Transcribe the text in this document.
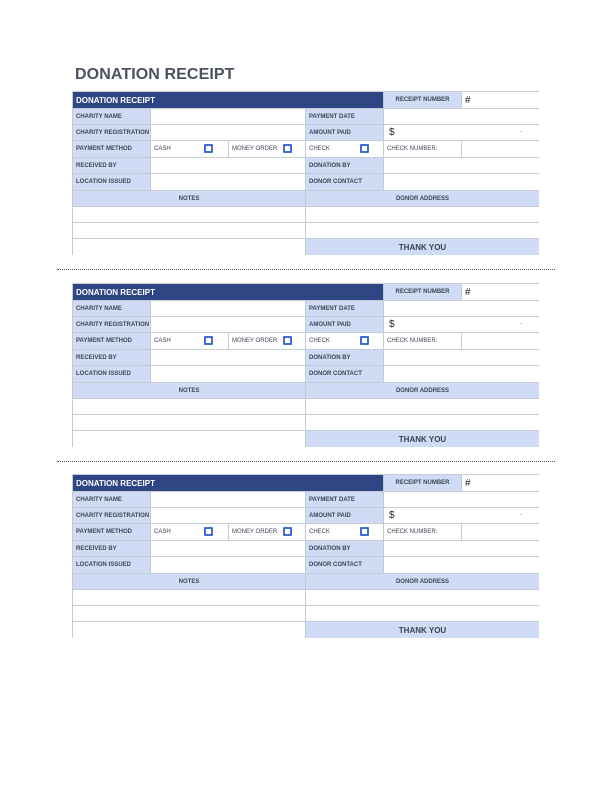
DONATION RECEIPT
DONATION RECEIPT	RECEIPT NUMBER	#
CHARITY NAME	PAYMENT DATE
CHARITY REGISTRATION	AMOUNT PAID	$	-
PAYMENT METHOD	CASH	MONEY ORDER	CHECK	CHECK NUMBER:
RECEIVED BY	DONATION BY
LOCATION ISSUED	DONOR CONTACT
NOTES	DONOR ADDRESS
THANK YOU
DONATION RECEIPT	RECEIPT NUMBER	#
CHARITY NAME	PAYMENT DATE
CHARITY REGISTRATION	AMOUNT PAID	$	-
PAYMENT METHOD	CASH	MONEY ORDER	CHECK	CHECK NUMBER:
RECEIVED BY	DONATION BY
LOCATION ISSUED	DONOR CONTACT
NOTES	DONOR ADDRESS
THANK YOU
DONATION RECEIPT	RECEIPT NUMBER	#
CHARITY NAME	PAYMENT DATE
CHARITY REGISTRATION	AMOUNT PAID	$	-
PAYMENT METHOD	CASH	MONEY ORDER	CHECK	CHECK NUMBER:
RECEIVED BY	DONATION BY
LOCATION ISSUED	DONOR CONTACT
NOTES	DONOR ADDRESS
THANK YOU
